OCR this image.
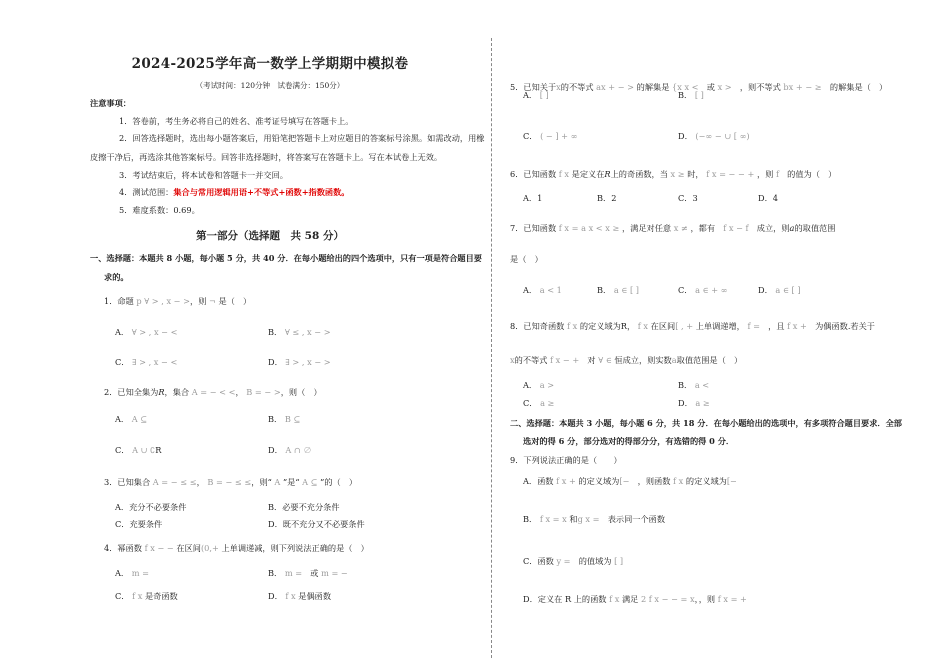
2024-2025学年高一数学上学期期中模拟卷
（考试时间：120分钟　试卷满分：150分）
注意事项：
1．答卷前，考生务必将自己的姓名、准考证号填写在答题卡上。
2．回答选择题时，选出每小题答案后，用铅笔把答题卡上对应题目的答案标号涂黑。如需改动，用橡
皮擦干净后，再选涂其他答案标号。回答非选择题时，将答案写在答题卡上。写在本试卷上无效。
3．考试结束后，将本试卷和答题卡一并交回。
4．测试范围：集合与常用逻辑用语+不等式+函数+指数函数。
5．难度系数：0.69。
第一部分（选择题　共 58 分）
一、选择题：本题共 8 小题，每小题 5 分，共 40 分．在每小题给出的四个选项中，只有一项是符合题目要
求的。
1．命题 p ∀ > , x − >，则 ¬ 是（　）
A． ∀ > , x − <	B． ∀ ≤ , x − >
C． ∃ > , x − <	D． ∃ > , x − >
2．已知全集为R，集合 A = − < <， B = − >，则（　）
A． A ⊆	B． B ⊆
C． A ∪ ∁R	D． A ∩ ∅
3．已知集合 A = − ≤ ≤， B = − ≤ ≤，则“ A ”是“ A ⊆ ”的（　）
A．充分不必要条件	B．必要不充分条件
C．充要条件	D．既不充分又不必要条件
4．幂函数 f x − − 在区间(0,+ 上单调递减，则下列说法正确的是（　）
A． m =	B． m =　 或 m = −
C． f x 是奇函数	D． f x 是偶函数
5．已知关于x的不等式 ax + − > 的解集是 {x x <　 或 x >　 ，则不等式 bx + − ≥　 的解集是（　）
A． [ ]	B． [ ]
C． ( − ] + ∞	D． (−∞ − ∪ [ ∞)
6．已知函数 f x 是定义在R上的奇函数，当 x ≥ 时， f x = − − + ，则 f　 的值为（　）
A．1	B．2	C．3	D．4
7．已知函数 f x = a x < x ≥ ，满足对任意 x ≠ ，都有　 f x − f　 成立，则a的取值范围
是（　）
A． a < 1	B． a ∈ [ ]	C． a ∈ + ∞	D． a ∈ [ ]
8．已知奇函数 f x 的定义域为R， f x 在区间[ , + 上单调递增， f =　 ，且 f x +　 为偶函数.若关于
x的不等式 f x − +　 对 ∀ ∈ 恒成立，则实数a取值范围是（　）
A． a >	B． a <
C． a ≥	D． a ≥
二、选择题：本题共 3 小题，每小题 6 分，共 18 分．在每小题给出的选项中，有多项符合题目要求．全部
选对的得 6 分，部分选对的得部分分，有选错的得 0 分．
9．下列说法正确的是（　　）
A．函数 f x + 的定义域为[−　 ，则函数 f x 的定义域为[−
B． f x = x 和g x =　 表示同一个函数
C．函数 y =　 的值域为 [ ]
D．定义在 R 上的函数 f x 满足 2 f x − − = x，，则 f x = +
